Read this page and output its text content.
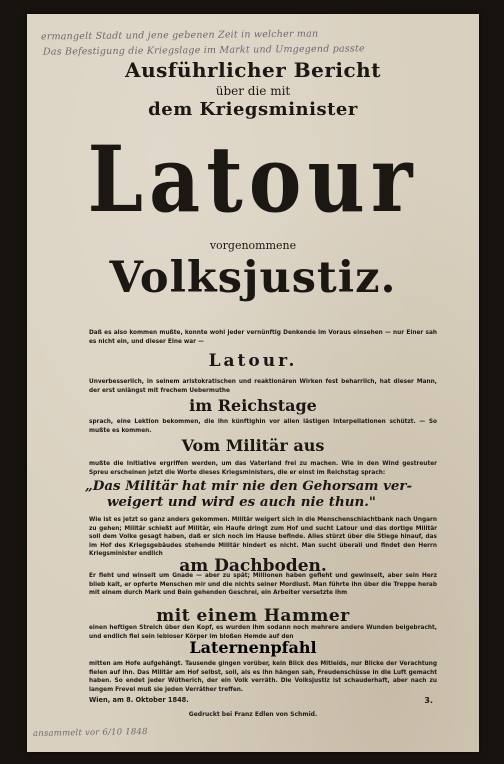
ermangelt Stadt und jene gebenen Zeit in welcher man
Das Befestigung die Kriegslage im Markt und Umgegend passte
Ausführlicher Bericht
über die mit
dem Kriegsminister
Latour
vorgenommene
Volksjustiz.
Daß es also kommen mußte, konnte wohl jeder vernünftig Denkende im Voraus einsehen — nur Einer sah es nicht ein, und dieser Eine war —
Latour.
Unverbesserlich, in seinem aristokratischen und reaktionären Wirken fest beharrlich, hat dieser Mann, der erst unlängst mit frechem Uebermuthe
im Reichstage
sprach, eine Lektion bekommen, die ihn künftighin vor allen lästigen Interpellationen schützt. — So mußte es kommen.
Vom Militär aus
mußte die Initiative ergriffen werden, um das Vaterland frei zu machen. Wie in den Wind gestreuter Spreu erscheinen jetzt die Worte dieses Kriegsministers, die er einst im Reichstag sprach:
„Das Militär hat mir nie den Gehorsam ver-
weigert und wird es auch nie thun."
Wie ist es jetzt so ganz anders gekommen. Militär weigert sich in die Menschenschlachtbank nach Ungarn zu gehen; Militär schießt auf Militär, ein Haufe dringt zum Hof und sucht Latour und das dortige Militär soll dem Volke gesagt haben, daß er sich noch im Hause befinde. Alles stürzt über die Stiege hinauf, das im Hof des Kriegsgebäudes stehende Militär hindert es nicht. Man sucht überall und findet den Herrn Kriegsminister endlich
am Dachboden.
Er fleht und winselt um Gnade — aber zu spät; Millionen haben gefleht und gewinselt, aber sein Herz blieb kalt, er opferte Menschen mir und die nichts seiner Mordlust. Man führte ihn über die Treppe herab mit einem durch Mark und Bein gehenden Geschrei, ein Arbeiter versetzte ihm
mit einem Hammer
einen heftigen Streich über den Kopf, es wurden ihm sodann noch mehrere andere Wunden beigebracht, und endlich fiel sein lebloser Körper im bloßen Hemde auf den
mitten am Hofe aufgehängt. Tausende gingen vorüber, kein Blick des Mitleids, nur Blicke der Verachtung fielen auf ihn. Das Militär am Hof selbst, soll, als es ihn hängen sah, Freudenschüsse in die Luft gemacht haben. So endet jeder Wütherich, der ein Volk verräth. Die Volksjustiz ist schauderhaft, aber nach zu langem Frevel muß sie jeden Verräther treffen.
Wien, am 8. Oktober 1848.	3.
Gedruckt bei Franz Edlen von Schmid.
ansammelt vor 6/10 1848
Laternenpfahl
